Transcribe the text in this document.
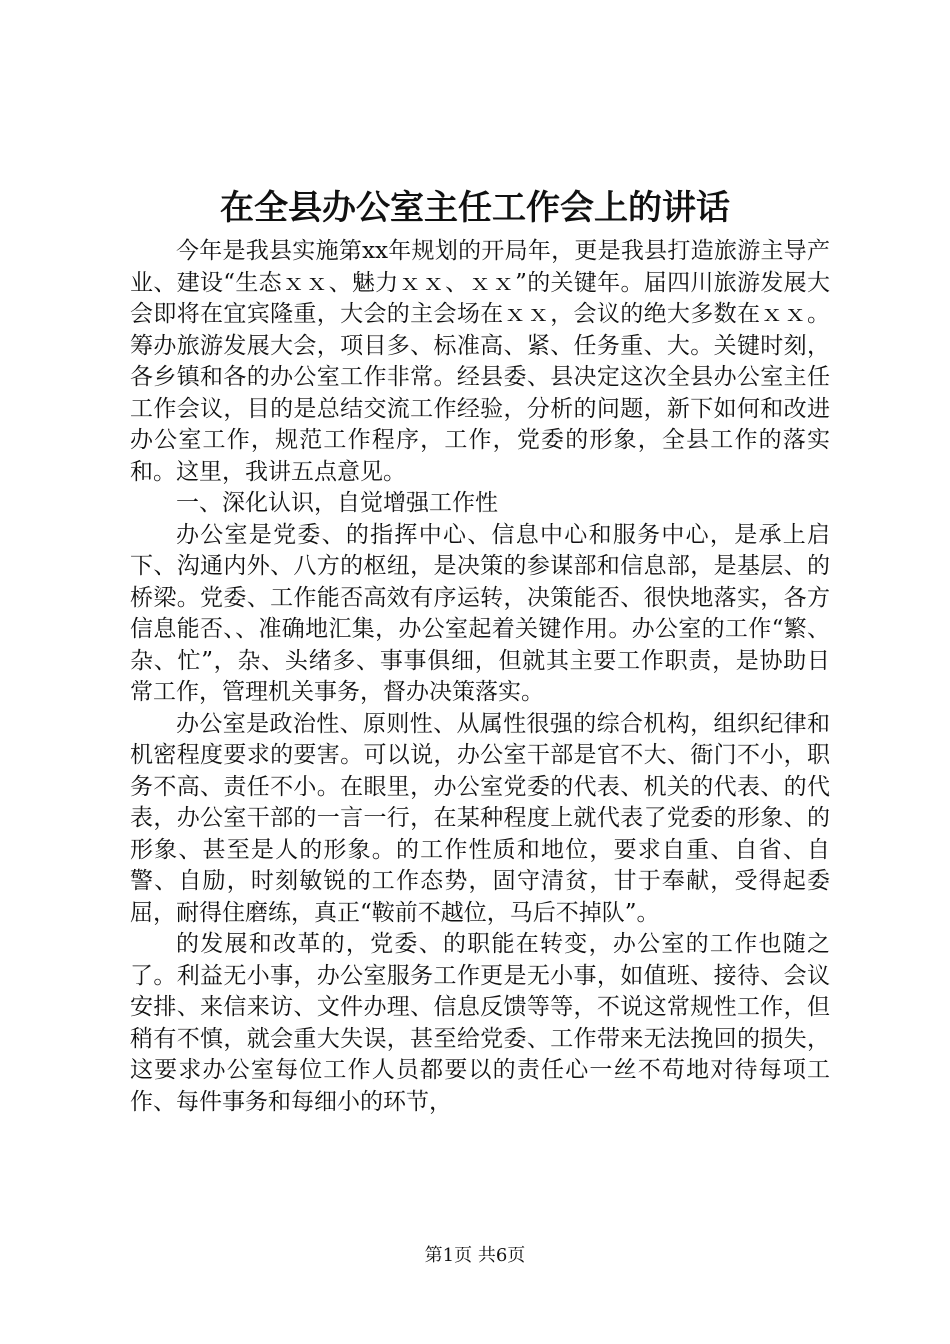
在全县办公室主任工作会上的讲话

今年是我县实施第xx年规划的开局年，更是我县打造旅游主导产业、建设“生态ｘｘ、魅力ｘｘ、ｘｘ”的关键年。届四川旅游发展大会即将在宜宾隆重，大会的主会场在ｘｘ，会议的绝大多数在ｘｘ。筹办旅游发展大会，项目多、标准高、紧、任务重、大。关键时刻，各乡镇和各的办公室工作非常。经县委、县决定这次全县办公室主任工作会议，目的是总结交流工作经验，分析的问题，新下如何和改进办公室工作，规范工作程序，工作，党委的形象，全县工作的落实和。这里，我讲五点意见。

一、深化认识，自觉增强工作性

办公室是党委、的指挥中心、信息中心和服务中心，是承上启下、沟通内外、八方的枢纽，是决策的参谋部和信息部，是基层、的桥梁。党委、工作能否高效有序运转，决策能否、很快地落实，各方信息能否、、准确地汇集，办公室起着关键作用。办公室的工作“繁、杂、忙”，杂、头绪多、事事俱细，但就其主要工作职责，是协助日常工作，管理机关事务，督办决策落实。

办公室是政治性、原则性、从属性很强的综合机构，组织纪律和机密程度要求的要害。可以说，办公室干部是官不大、衙门不小，职务不高、责任不小。在眼里，办公室党委的代表、机关的代表、的代表，办公室干部的一言一行，在某种程度上就代表了党委的形象、的形象、甚至是人的形象。的工作性质和地位，要求自重、自省、自警、自励，时刻敏锐的工作态势，固守清贫，甘于奉献，受得起委屈，耐得住磨练，真正“鞍前不越位，马后不掉队”。

的发展和改革的，党委、的职能在转变，办公室的工作也随之了。利益无小事，办公室服务工作更是无小事，如值班、接待、会议安排、来信来访、文件办理、信息反馈等等，不说这常规性工作，但稍有不慎，就会重大失误，甚至给党委、工作带来无法挽回的损失，这要求办公室每位工作人员都要以的责任心一丝不苟地对待每项工作、每件事务和每细小的环节，

第1页 共6页
